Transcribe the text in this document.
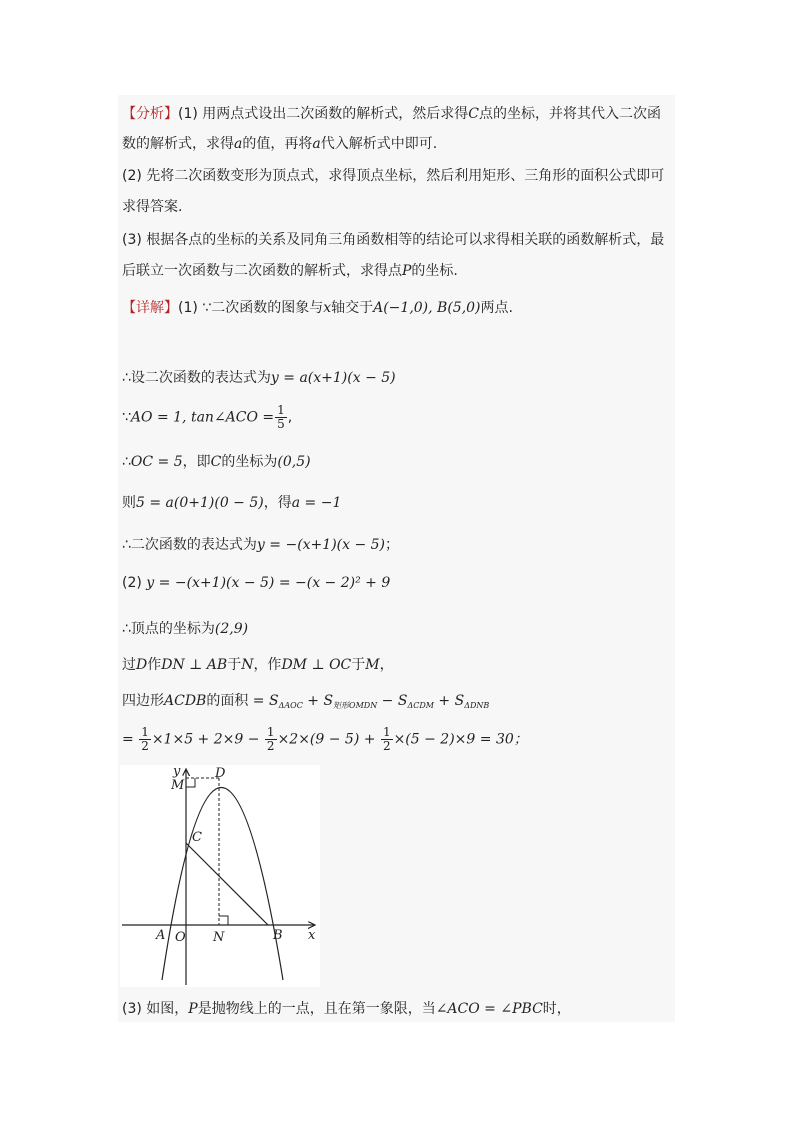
【分析】(1) 用两点式设出二次函数的解析式，然后求得C点的坐标，并将其代入二次函
数的解析式，求得a的值，再将a代入解析式中即可.
(2) 先将二次函数变形为顶点式，求得顶点坐标，然后利用矩形、三角形的面积公式即可
求得答案.
(3) 根据各点的坐标的关系及同角三角函数相等的结论可以求得相关联的函数解析式，最
后联立一次函数与二次函数的解析式，求得点P的坐标.
【详解】(1) ∵二次函数的图象与x轴交于A(−1,0), B(5,0)两点.
∴设二次函数的表达式为y = a(x+1)(x − 5)
∵AO = 1, tan∠ACO = $\frac{1}{5}$ ,
∴OC = 5，即C的坐标为(0,5)
则5 = a(0+1)(0 − 5)，得a = −1
∴二次函数的表达式为y = −(x+1)(x − 5)；
(2) y = −(x+1)(x − 5) = −(x − 2)² + 9
∴顶点的坐标为(2,9)
过D作DN ⊥ AB于N，作DM ⊥ OC于M，
四边形ACDB的面积 = $S_{\Delta AOC} + S_{矩形OMDN} - S_{\Delta CDM} + S_{\Delta DNB}$
= $\frac{1}{2} \times 1\times 5 + 2\times 9 - \frac{1}{2} \times 2\times(9 - 5) + \frac{1}{2} \times(5 - 2)\times 9 = 30$；
y
x
D
M
C
A O N	B
(3) 如图，P是抛物线上的一点，且在第一象限，当∠ACO = ∠PBC时，
